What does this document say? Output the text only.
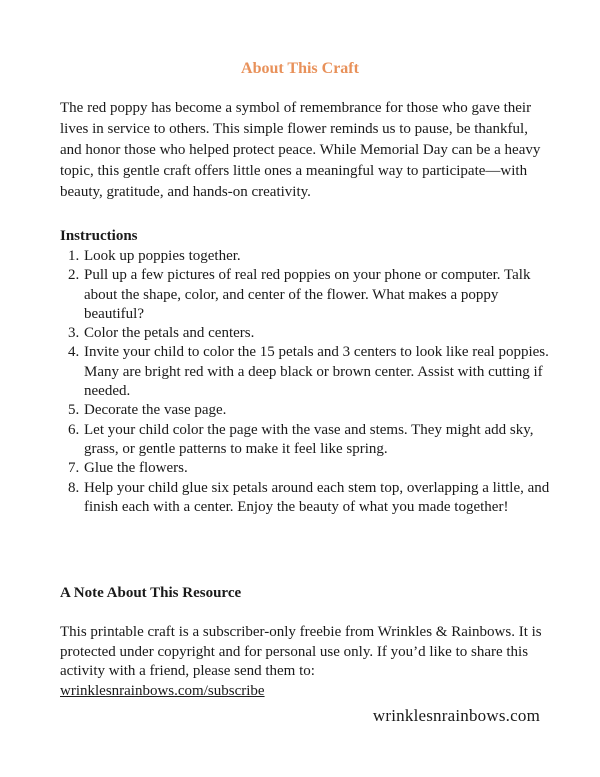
About This Craft

The red poppy has become a symbol of remembrance for those who gave their lives in service to others. This simple flower reminds us to pause, be thankful, and honor those who helped protect peace. While Memorial Day can be a heavy topic, this gentle craft offers little ones a meaningful way to participate—with beauty, gratitude, and hands-on creativity.

Instructions
1. Look up poppies together.
2. Pull up a few pictures of real red poppies on your phone or computer. Talk about the shape, color, and center of the flower. What makes a poppy beautiful?
3. Color the petals and centers.
4. Invite your child to color the 15 petals and 3 centers to look like real poppies. Many are bright red with a deep black or brown center. Assist with cutting if needed.
5. Decorate the vase page.
6. Let your child color the page with the vase and stems. They might add sky, grass, or gentle patterns to make it feel like spring.
7. Glue the flowers.
8. Help your child glue six petals around each stem top, overlapping a little, and finish each with a center. Enjoy the beauty of what you made together!
A Note About This Resource

This printable craft is a subscriber-only freebie from Wrinkles & Rainbows. It is protected under copyright and for personal use only. If you’d like to share this activity with a friend, please send them to:
wrinklesnrainbows.com/subscribe

wrinklesnrainbows.com
